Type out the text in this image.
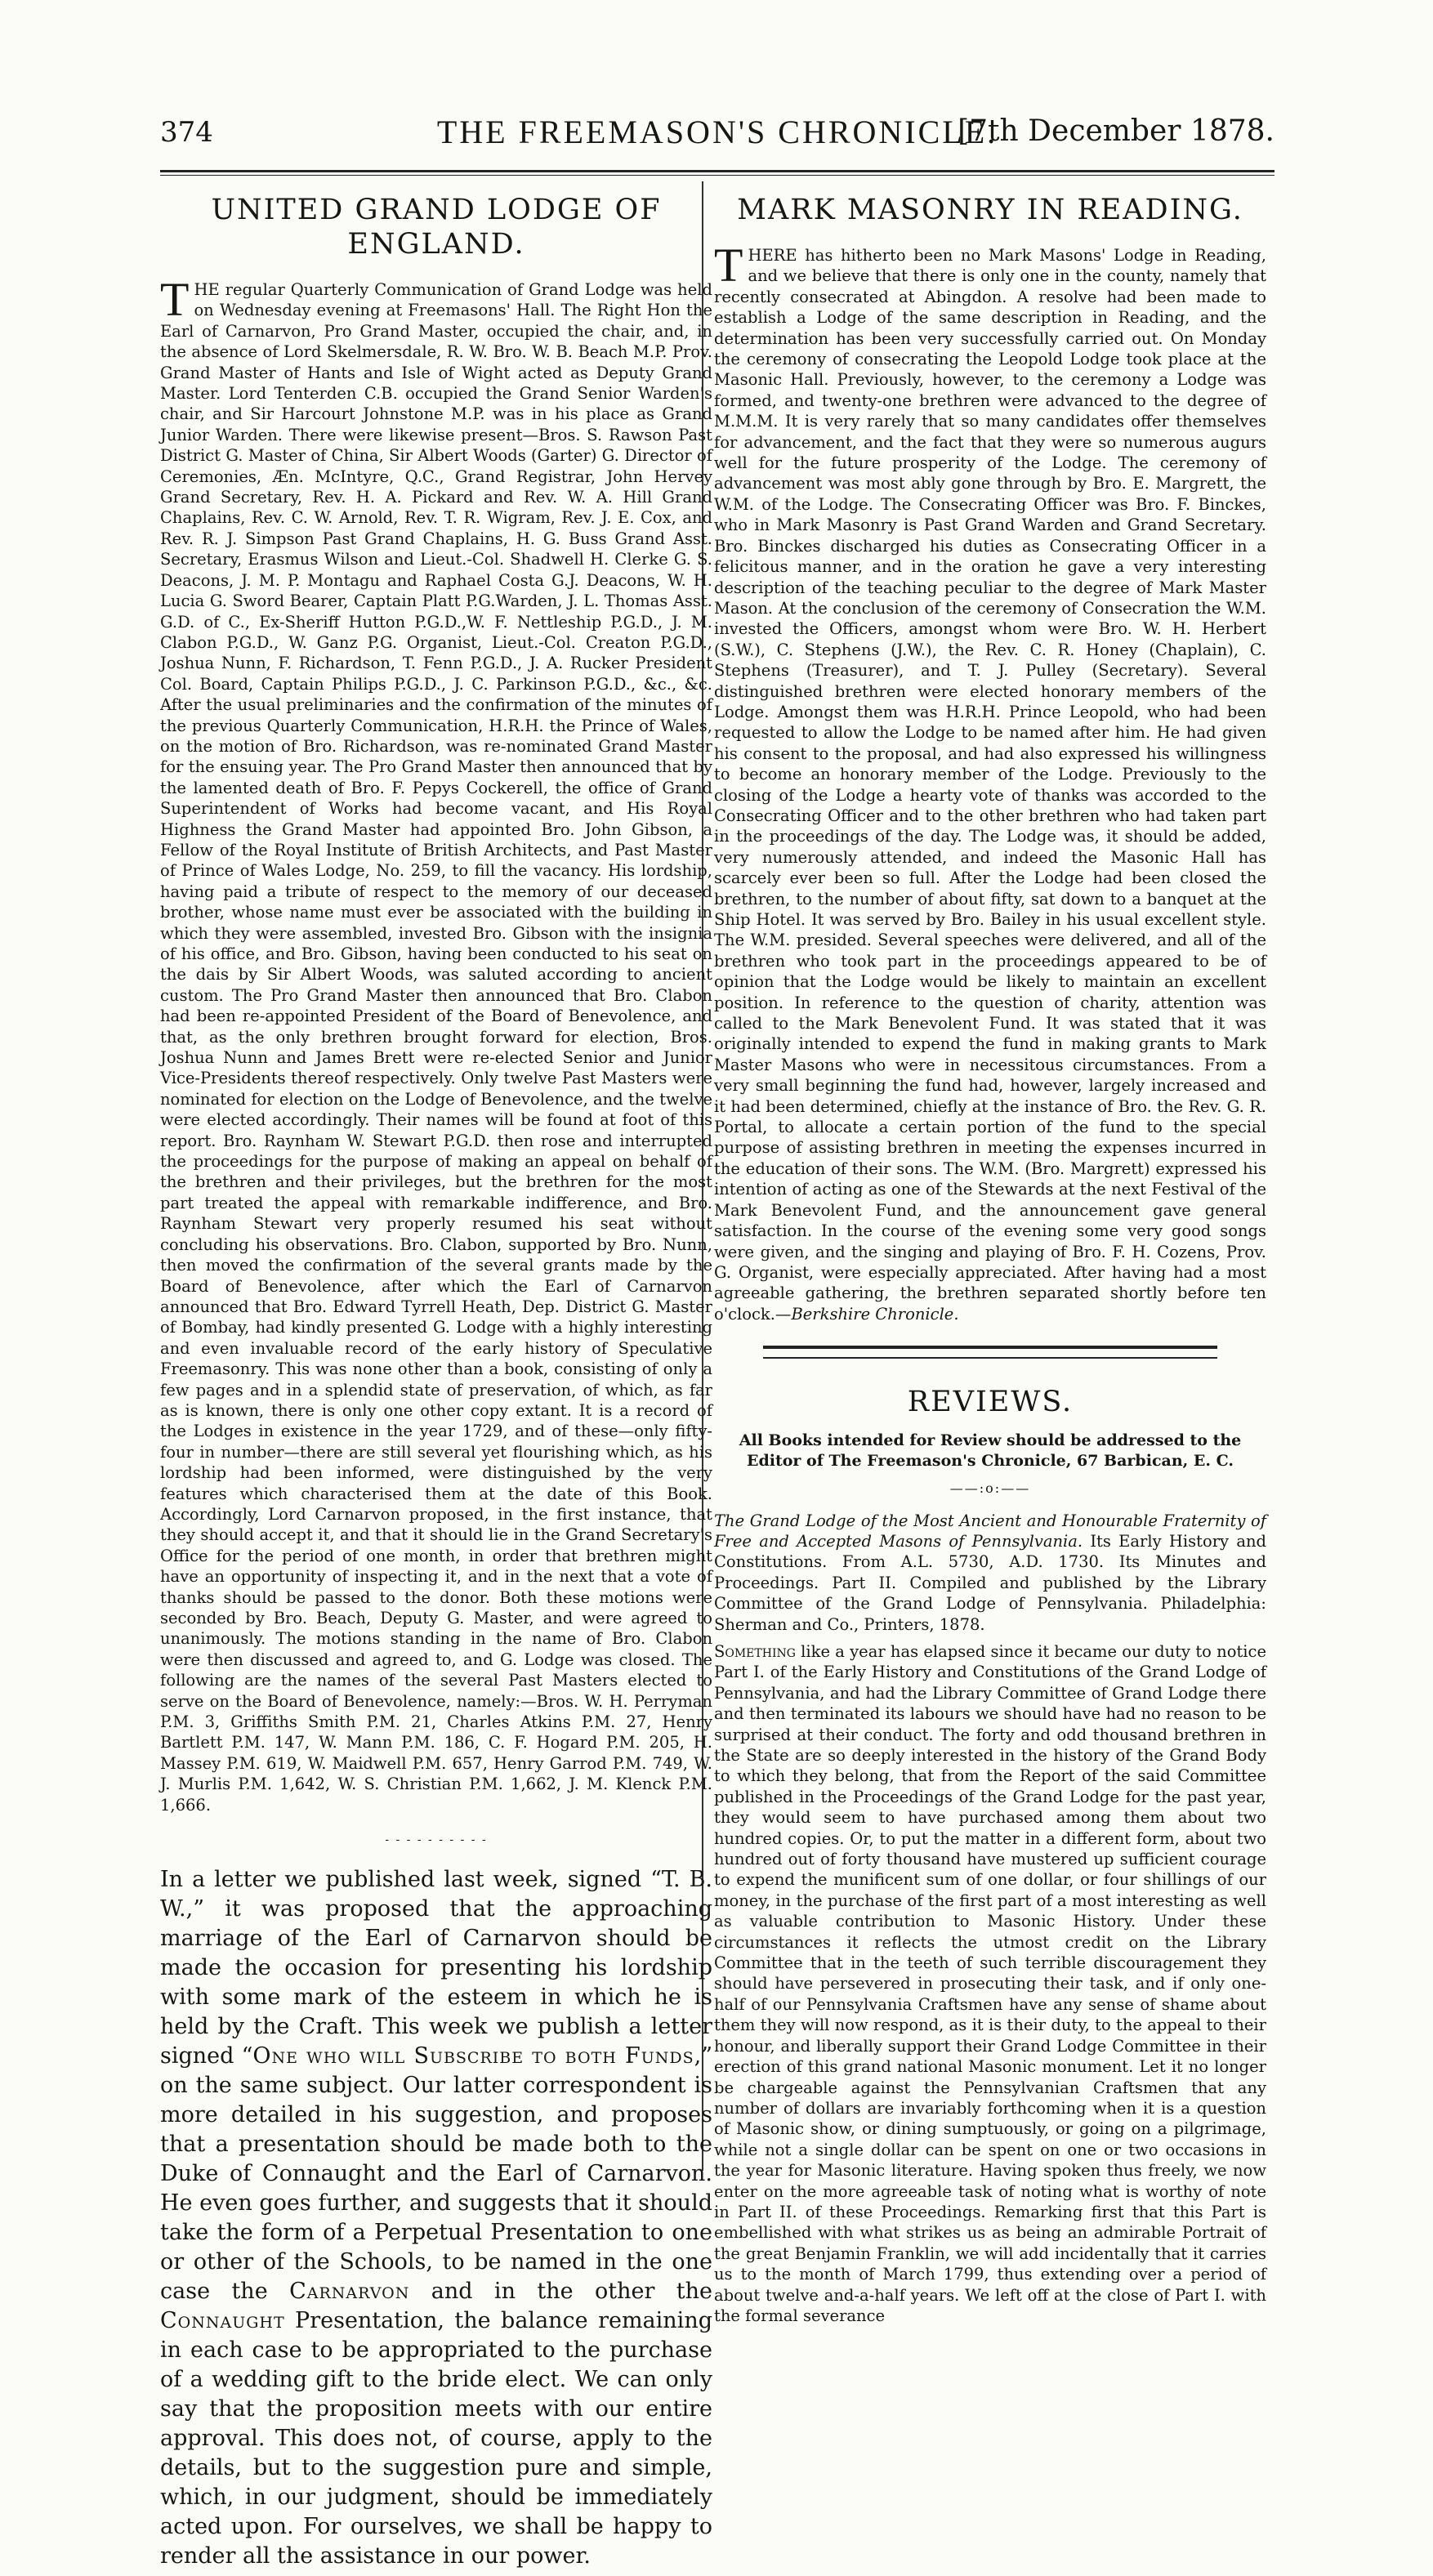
374	THE FREEMASON'S CHRONICLE.
[7th December 1878.
UNITED GRAND LODGE OF ENGLAND.

THE regular Quarterly Communication of Grand Lodge was held on Wednesday evening at Freemasons' Hall. The Right Hon the Earl of Carnarvon, Pro Grand Master, occupied the chair, and, in the absence of Lord Skelmersdale, R. W. Bro. W. B. Beach M.P. Prov. Grand Master of Hants and Isle of Wight acted as Deputy Grand Master. Lord Tenterden C.B. occupied the Grand Senior Warden's chair, and Sir Harcourt Johnstone M.P. was in his place as Grand Junior Warden. There were likewise present—Bros. S. Rawson Past District G. Master of China, Sir Albert Woods (Garter) G. Director of Ceremonies, Æn. McIntyre, Q.C., Grand Registrar, John Hervey Grand Secretary, Rev. H. A. Pickard and Rev. W. A. Hill Grand Chaplains, Rev. C. W. Arnold, Rev. T. R. Wigram, Rev. J. E. Cox, and Rev. R. J. Simpson Past Grand Chaplains, H. G. Buss Grand Asst. Secretary, Erasmus Wilson and Lieut.-Col. Shadwell H. Clerke G. S. Deacons, J. M. P. Montagu and Raphael Costa G.J. Deacons, W. H. Lucia G. Sword Bearer, Captain Platt P.G.Warden, J. L. Thomas Asst. G.D. of C., Ex-Sheriff Hutton P.G.D.,W. F. Nettleship P.G.D., J. M. Clabon P.G.D., W. Ganz P.G. Organist, Lieut.-Col. Creaton P.G.D., Joshua Nunn, F. Richardson, T. Fenn P.G.D., J. A. Rucker President Col. Board, Captain Philips P.G.D., J. C. Parkinson P.G.D., &c., &c. After the usual preliminaries and the confirmation of the minutes of the previous Quarterly Communication, H.R.H. the Prince of Wales, on the motion of Bro. Richardson, was re-nominated Grand Master for the ensuing year. The Pro Grand Master then announced that by the lamented death of Bro. F. Pepys Cockerell, the office of Grand Superintendent of Works had become vacant, and His Royal Highness the Grand Master had appointed Bro. John Gibson, a Fellow of the Royal Institute of British Architects, and Past Master of Prince of Wales Lodge, No. 259, to fill the vacancy. His lordship, having paid a tribute of respect to the memory of our deceased brother, whose name must ever be associated with the building in which they were assembled, invested Bro. Gibson with the insignia of his office, and Bro. Gibson, having been conducted to his seat on the dais by Sir Albert Woods, was saluted according to ancient custom. The Pro Grand Master then announced that Bro. Clabon had been re-appointed President of the Board of Benevolence, and that, as the only brethren brought forward for election, Bros. Joshua Nunn and James Brett were re-elected Senior and Junior Vice-Presidents thereof respectively. Only twelve Past Masters were nominated for election on the Lodge of Benevolence, and the twelve were elected accordingly. Their names will be found at foot of this report. Bro. Raynham W. Stewart P.G.D. then rose and interrupted the proceedings for the purpose of making an appeal on behalf of the brethren and their privileges, but the brethren for the most part treated the appeal with remarkable indifference, and Bro. Raynham Stewart very properly resumed his seat without concluding his observations. Bro. Clabon, supported by Bro. Nunn, then moved the confirmation of the several grants made by the Board of Benevolence, after which the Earl of Carnarvon announced that Bro. Edward Tyrrell Heath, Dep. District G. Master of Bombay, had kindly presented G. Lodge with a highly interesting and even invaluable record of the early history of Speculative Freemasonry. This was none other than a book, consisting of only a few pages and in a splendid state of preservation, of which, as far as is known, there is only one other copy extant. It is a record of the Lodges in existence in the year 1729, and of these—only fifty-four in number—there are still several yet flourishing which, as his lordship had been informed, were distinguished by the very features which characterised them at the date of this Book. Accordingly, Lord Carnarvon proposed, in the first instance, that they should accept it, and that it should lie in the Grand Secretary's Office for the period of one month, in order that brethren might have an opportunity of inspecting it, and in the next that a vote of thanks should be passed to the donor. Both these motions were seconded by Bro. Beach, Deputy G. Master, and were agreed to unanimously. The motions standing in the name of Bro. Clabon were then discussed and agreed to, and G. Lodge was closed. The following are the names of the several Past Masters elected to serve on the Board of Benevolence, namely:—Bros. W. H. Perryman P.M. 3, Griffiths Smith P.M. 21, Charles Atkins P.M. 27, Henry Bartlett P.M. 147, W. Mann P.M. 186, C. F. Hogard P.M. 205, H. Massey P.M. 619, W. Maidwell P.M. 657, Henry Garrod P.M. 749, W. J. Murlis P.M. 1,642, W. S. Christian P.M. 1,662, J. M. Klenck P.M. 1,666.

- - - - - - - - - -

In a letter we published last week, signed “T. B. W.,” it was proposed that the approaching marriage of the Earl of Carnarvon should be made the occasion for presenting his lordship with some mark of the esteem in which he is held by the Craft. This week we publish a letter signed “One who will Subscribe to both Funds,” on the same subject. Our latter correspondent is more detailed in his suggestion, and proposes that a presentation should be made both to the Duke of Connaught and the Earl of Carnarvon. He even goes further, and suggests that it should take the form of a Perpetual Presentation to one or other of the Schools, to be named in the one case the Carnarvon and in the other the Connaught Presentation, the balance remaining in each case to be appropriated to the purchase of a wedding gift to the bride elect. We can only say that the proposition meets with our entire approval. This does not, of course, apply to the details, but to the suggestion pure and simple, which, in our judgment, should be immediately acted upon. For ourselves, we shall be happy to render all the assistance in our power.

MARK MASONRY IN READING.

THERE has hitherto been no Mark Masons' Lodge in Reading, and we believe that there is only one in the county, namely that recently consecrated at Abingdon. A resolve had been made to establish a Lodge of the same description in Reading, and the determination has been very successfully carried out. On Monday the ceremony of consecrating the Leopold Lodge took place at the Masonic Hall. Previously, however, to the ceremony a Lodge was formed, and twenty-one brethren were advanced to the degree of M.M.M. It is very rarely that so many candidates offer themselves for advancement, and the fact that they were so numerous augurs well for the future prosperity of the Lodge. The ceremony of advancement was most ably gone through by Bro. E. Margrett, the W.M. of the Lodge. The Consecrating Officer was Bro. F. Binckes, who in Mark Masonry is Past Grand Warden and Grand Secretary. Bro. Binckes discharged his duties as Consecrating Officer in a felicitous manner, and in the oration he gave a very interesting description of the teaching peculiar to the degree of Mark Master Mason. At the conclusion of the ceremony of Consecration the W.M. invested the Officers, amongst whom were Bro. W. H. Herbert (S.W.), C. Stephens (J.W.), the Rev. C. R. Honey (Chaplain), C. Stephens (Treasurer), and T. J. Pulley (Secretary). Several distinguished brethren were elected honorary members of the Lodge. Amongst them was H.R.H. Prince Leopold, who had been requested to allow the Lodge to be named after him. He had given his consent to the proposal, and had also expressed his willingness to become an honorary member of the Lodge. Previously to the closing of the Lodge a hearty vote of thanks was accorded to the Consecrating Officer and to the other brethren who had taken part in the proceedings of the day. The Lodge was, it should be added, very numerously attended, and indeed the Masonic Hall has scarcely ever been so full. After the Lodge had been closed the brethren, to the number of about fifty, sat down to a banquet at the Ship Hotel. It was served by Bro. Bailey in his usual excellent style. The W.M. presided. Several speeches were delivered, and all of the brethren who took part in the proceedings appeared to be of opinion that the Lodge would be likely to maintain an excellent position. In reference to the question of charity, attention was called to the Mark Benevolent Fund. It was stated that it was originally intended to expend the fund in making grants to Mark Master Masons who were in necessitous circumstances. From a very small beginning the fund had, however, largely increased and it had been determined, chiefly at the instance of Bro. the Rev. G. R. Portal, to allocate a certain portion of the fund to the special purpose of assisting brethren in meeting the expenses incurred in the education of their sons. The W.M. (Bro. Margrett) expressed his intention of acting as one of the Stewards at the next Festival of the Mark Benevolent Fund, and the announcement gave general satisfaction. In the course of the evening some very good songs were given, and the singing and playing of Bro. F. H. Cozens, Prov. G. Organist, were especially appreciated. After having had a most agreeable gathering, the brethren separated shortly before ten o'clock.—Berkshire Chronicle.

REVIEWS.
All Books intended for Review should be addressed to the Editor of The Freemason's Chronicle, 67 Barbican, E. C.
——:o:——

The Grand Lodge of the Most Ancient and Honourable Fraternity of Free and Accepted Masons of Pennsylvania. Its Early History and Constitutions. From A.L. 5730, A.D. 1730. Its Minutes and Proceedings. Part II. Compiled and published by the Library Committee of the Grand Lodge of Pennsylvania. Philadelphia: Sherman and Co., Printers, 1878.

Something like a year has elapsed since it became our duty to notice Part I. of the Early History and Constitutions of the Grand Lodge of Pennsylvania, and had the Library Committee of Grand Lodge there and then terminated its labours we should have had no reason to be surprised at their conduct. The forty and odd thousand brethren in the State are so deeply interested in the history of the Grand Body to which they belong, that from the Report of the said Committee published in the Proceedings of the Grand Lodge for the past year, they would seem to have purchased among them about two hundred copies. Or, to put the matter in a different form, about two hundred out of forty thousand have mustered up sufficient courage to expend the munificent sum of one dollar, or four shillings of our money, in the purchase of the first part of a most interesting as well as valuable contribution to Masonic History. Under these circumstances it reflects the utmost credit on the Library Committee that in the teeth of such terrible discouragement they should have persevered in prosecuting their task, and if only one-half of our Pennsylvania Craftsmen have any sense of shame about them they will now respond, as it is their duty, to the appeal to their honour, and liberally support their Grand Lodge Committee in their erection of this grand national Masonic monument. Let it no longer be chargeable against the Pennsylvanian Craftsmen that any number of dollars are invariably forthcoming when it is a question of Masonic show, or dining sumptuously, or going on a pilgrimage, while not a single dollar can be spent on one or two occasions in the year for Masonic literature. Having spoken thus freely, we now enter on the more agreeable task of noting what is worthy of note in Part II. of these Proceedings. Remarking first that this Part is embellished with what strikes us as being an admirable Portrait of the great Benjamin Franklin, we will add incidentally that it carries us to the month of March 1799, thus extending over a period of about twelve and-a-half years. We left off at the close of Part I. with the formal severance
